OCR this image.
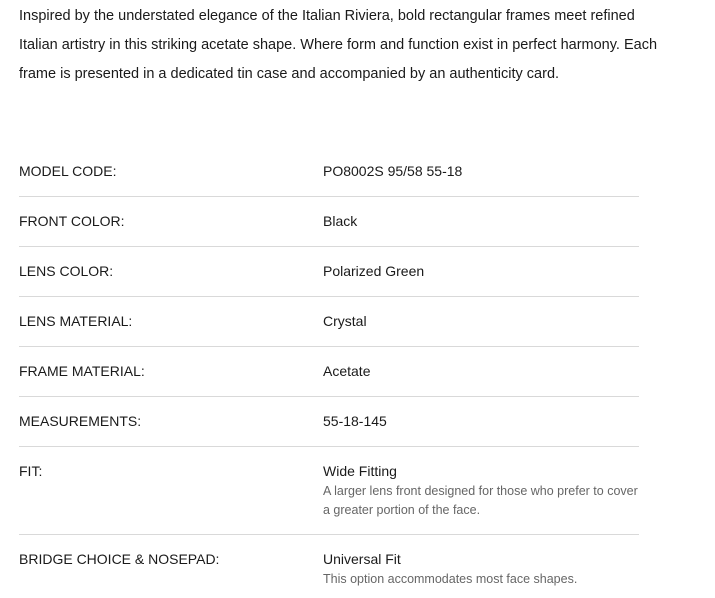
Inspired by the understated elegance of the Italian Riviera, bold rectangular frames meet refined Italian artistry in this striking acetate shape. Where form and function exist in perfect harmony. Each frame is presented in a dedicated tin case and accompanied by an authenticity card.

MODEL CODE:	PO8002S 95/58 55-18
FRONT COLOR:	Black
LENS COLOR:	Polarized Green
LENS MATERIAL:	Crystal
FRAME MATERIAL:	Acetate
MEASUREMENTS:	55-18-145
FIT:	Wide Fitting
A larger lens front designed for those who prefer to cover a greater portion of the face.
BRIDGE CHOICE & NOSEPAD:	Universal Fit
This option accommodates most face shapes.
